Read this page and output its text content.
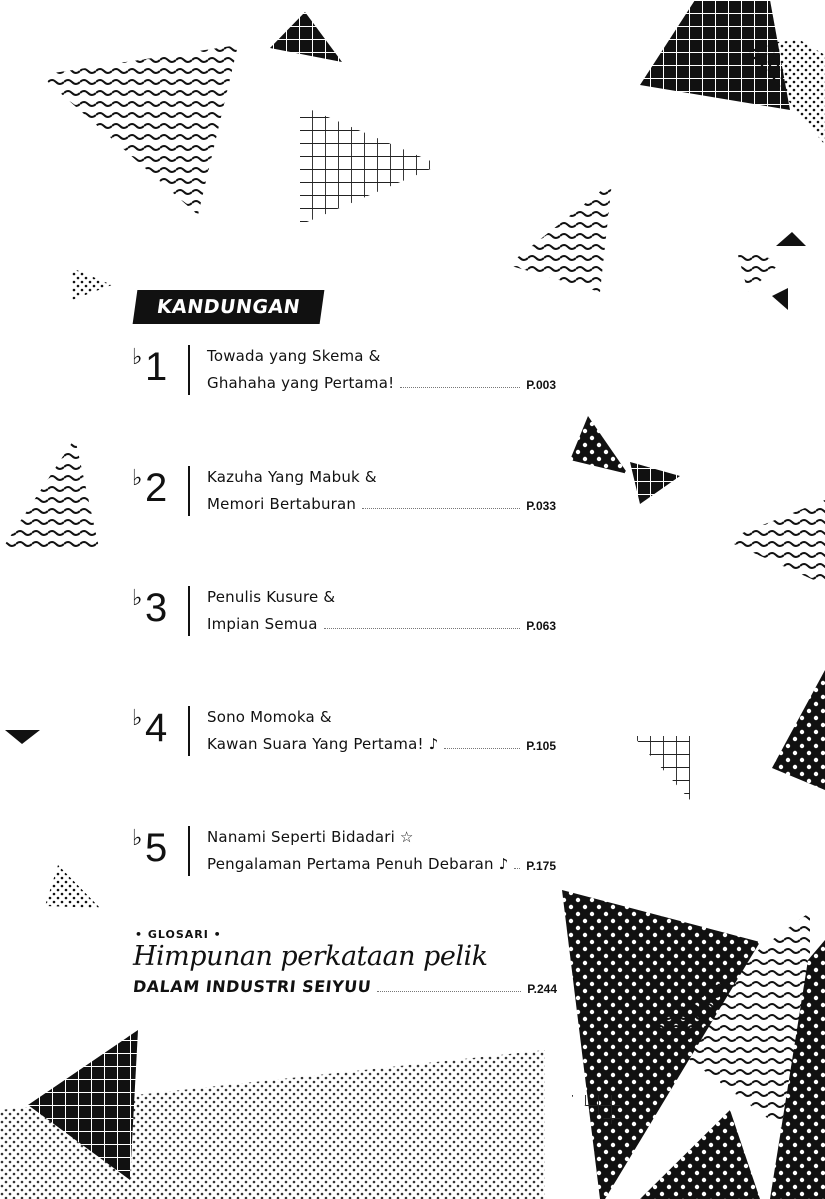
KANDUNGAN
♭ 1	Towada yang Skema &
Ghahaha yang Pertama!	P.003
♭ 2	Kazuha Yang Mabuk &
Memori Bertaburan	P.033
♭ 3	Penulis Kusure &
Impian Semua	P.063
♭ 4	Sono Momoka &
Kawan Suara Yang Pertama! ♪	P.105
♭ 5	Nanami Seperti Bidadari ☆
Pengalaman Pertama Penuh Debaran ♪ P.175
• GLOSARI •
Himpunan perkataan pelik
DALAM INDUSTRI SEIYUU	P.244
